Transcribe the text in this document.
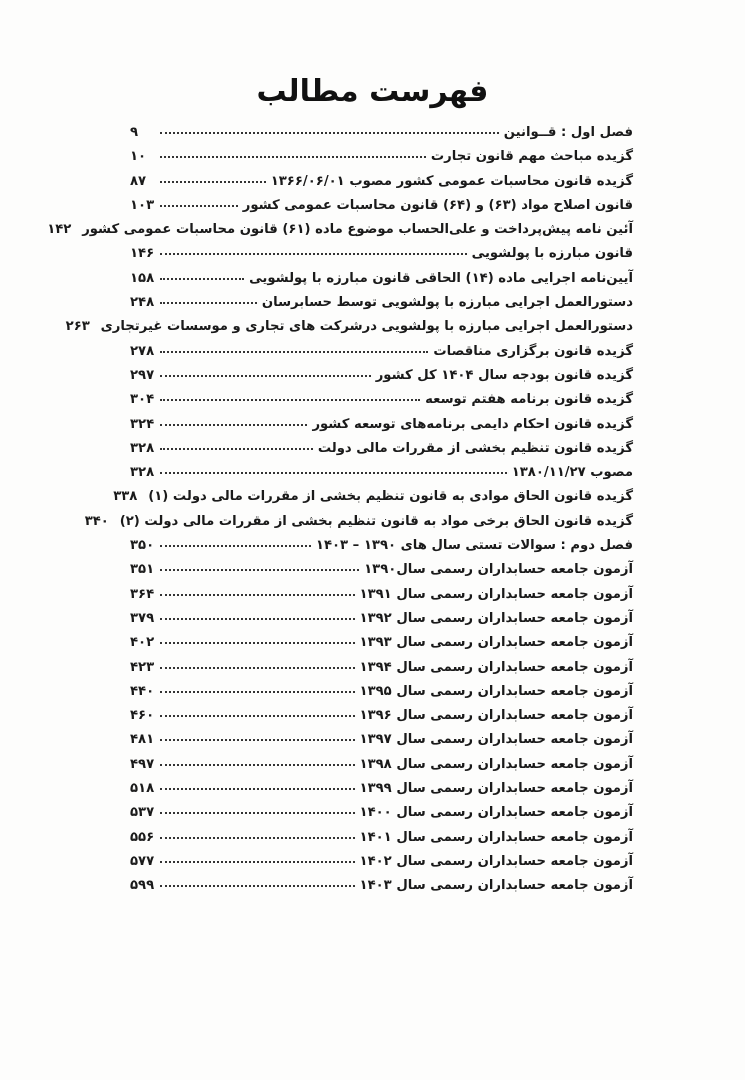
فهرست مطالب
فصل اول : قــوانین
۹
گزیده مباحث مهم قانون تجارت
۱۰
گزیده قانون محاسبات عمومی کشور مصوب ۱۳۶۶/۰۶/۰۱
۸۷
قانون اصلاح مواد (۶۳) و (۶۴) قانون محاسبات عمومی کشور
۱۰۳
آئین نامه پیش‌پرداخت و علی‌الحساب موضوع ماده (۶۱) قانون محاسبات عمومی کشور
۱۴۲
قانون مبارزه با پولشویی
۱۴۶
آیین‌نامه اجرایی ماده (۱۴) الحاقی قانون مبارزه با پولشویی
۱۵۸
دستورالعمل اجرایی مبارزه با پولشویی توسط حسابرسان
۲۴۸
دستورالعمل اجرایی مبارزه با پولشویی درشرکت های تجاری و موسسات غیرتجاری
۲۶۳
گزیده قانون برگزاری مناقصات
۲۷۸
گزیده قانون بودجه سال ۱۴۰۴ کل کشور
۲۹۷
گزیده قانون برنامه هفتم توسعه
۳۰۴
گزیده قانون احکام دایمی برنامه‌های توسعه کشور
۳۲۴
گزیده قانون تنظیم بخشی از مقررات مالی دولت
۳۲۸
مصوب ۱۳۸۰/۱۱/۲۷
۳۲۸
گزیده قانون الحاق موادی به قانون تنظیم بخشی از مقررات مالی دولت (۱)
۳۳۸
گزیده قانون الحاق برخی مواد به قانون تنظیم بخشی از مقررات مالی دولت (۲)
۳۴۰
فصل دوم : سوالات تستی سال های ۱۳۹۰ – ۱۴۰۳
۳۵۰
آزمون جامعه حسابداران رسمی سال۱۳۹۰
۳۵۱
آزمون جامعه حسابداران رسمی سال ۱۳۹۱
۳۶۴
آزمون جامعه حسابداران رسمی سال ۱۳۹۲
۳۷۹
آزمون جامعه حسابداران رسمی سال ۱۳۹۳
۴۰۲
آزمون جامعه حسابداران رسمی سال ۱۳۹۴
۴۲۳
آزمون جامعه حسابداران رسمی سال ۱۳۹۵
۴۴۰
آزمون جامعه حسابداران رسمی سال ۱۳۹۶
۴۶۰
آزمون جامعه حسابداران رسمی سال ۱۳۹۷
۴۸۱
آزمون جامعه حسابداران رسمی سال ۱۳۹۸
۴۹۷
آزمون جامعه حسابداران رسمی سال ۱۳۹۹
۵۱۸
آزمون جامعه حسابداران رسمی سال ۱۴۰۰
۵۳۷
آزمون جامعه حسابداران رسمی سال ۱۴۰۱
۵۵۶
آزمون جامعه حسابداران رسمی سال ۱۴۰۲
۵۷۷
آزمون جامعه حسابداران رسمی سال ۱۴۰۳
۵۹۹
